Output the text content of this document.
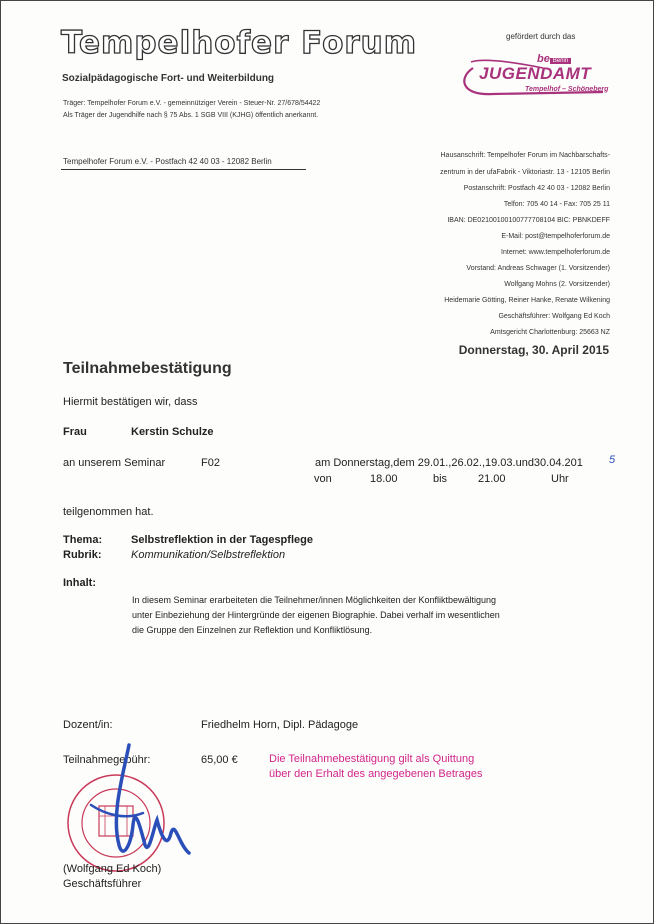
Tempelhofer Forum
Sozialpädagogische Fort- und Weiterbildung
Träger: Tempelhofer Forum e.V. - gemeinnütziger Verein - Steuer-Nr. 27/678/54422
Als Träger der Jugendhilfe nach § 75 Abs. 1 SGB VIII (KJHG) öffentlich anerkannt.
gefördert durch das
be Berlin
JUGENDAMT
Tempelhof – Schöneberg
Tempelhofer Forum e.V. - Postfach 42 40 03 - 12082 Berlin
Hausanschrift: Tempelhofer Forum im Nachbarschafts-
zentrum in der ufaFabrik - Viktoriastr. 13 - 12105 Berlin
Postanschrift: Postfach 42 40 03 - 12082 Berlin
Telfon: 705 40 14 - Fax: 705 25 11
IBAN: DE02100100100777708104 BIC: PBNKDEFF
E-Mail: post@tempelhoferforum.de
Internet: www.tempelhoferforum.de
Vorstand: Andreas Schwager (1. Vorsitzender)
Wolfgang Mohns (2. Vorsitzender)
Heidemarie Götting, Reiner Hanke, Renate Wilkening
Geschäftsführer: Wolfgang Ed Koch
Amtsgericht Charlottenburg: 25663 NZ
Donnerstag, 30. April 2015
Teilnahmebestätigung
Hiermit bestätigen wir, dass
Frau	Kerstin Schulze
an unserem Seminar	F02	am Donnerstag,dem 29.01.,26.02.,19.03.und30.04.201 5
von	18.00	bis	21.00	Uhr
teilgenommen hat.
Thema:	Selbstreflektion in der Tagespflege
Rubrik:	Kommunikation/Selbstreflektion
Inhalt:
In diesem Seminar erarbeiteten die Teilnehmer/innen Möglichkeiten der Konfliktbewältigung
unter Einbeziehung der Hintergründe der eigenen Biographie. Dabei verhalf im wesentlichen
die Gruppe den Einzelnen zur Reflektion und Konfliktlösung.
Dozent/in:	Friedhelm Horn, Dipl. Pädagoge
Teilnahmegebühr:	65,00 €	Die Teilnahmebestätigung gilt als Quittung
über den Erhalt des angegebenen Betrages
(Wolfgang Ed Koch)
Geschäftsführer
